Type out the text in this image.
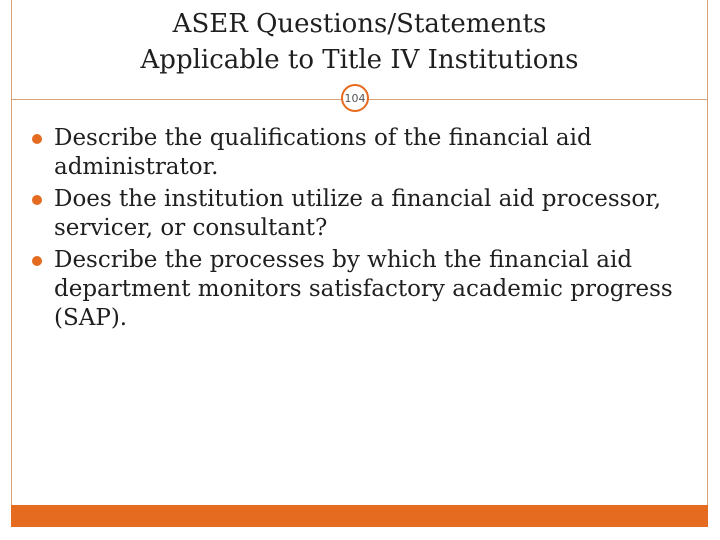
ASER Questions/Statements
Applicable to Title IV Institutions
104
Describe the qualifications of the financial aid administrator.
Does the institution utilize a financial aid processor, servicer, or consultant?
Describe the processes by which the financial aid department monitors satisfactory academic progress (SAP).
